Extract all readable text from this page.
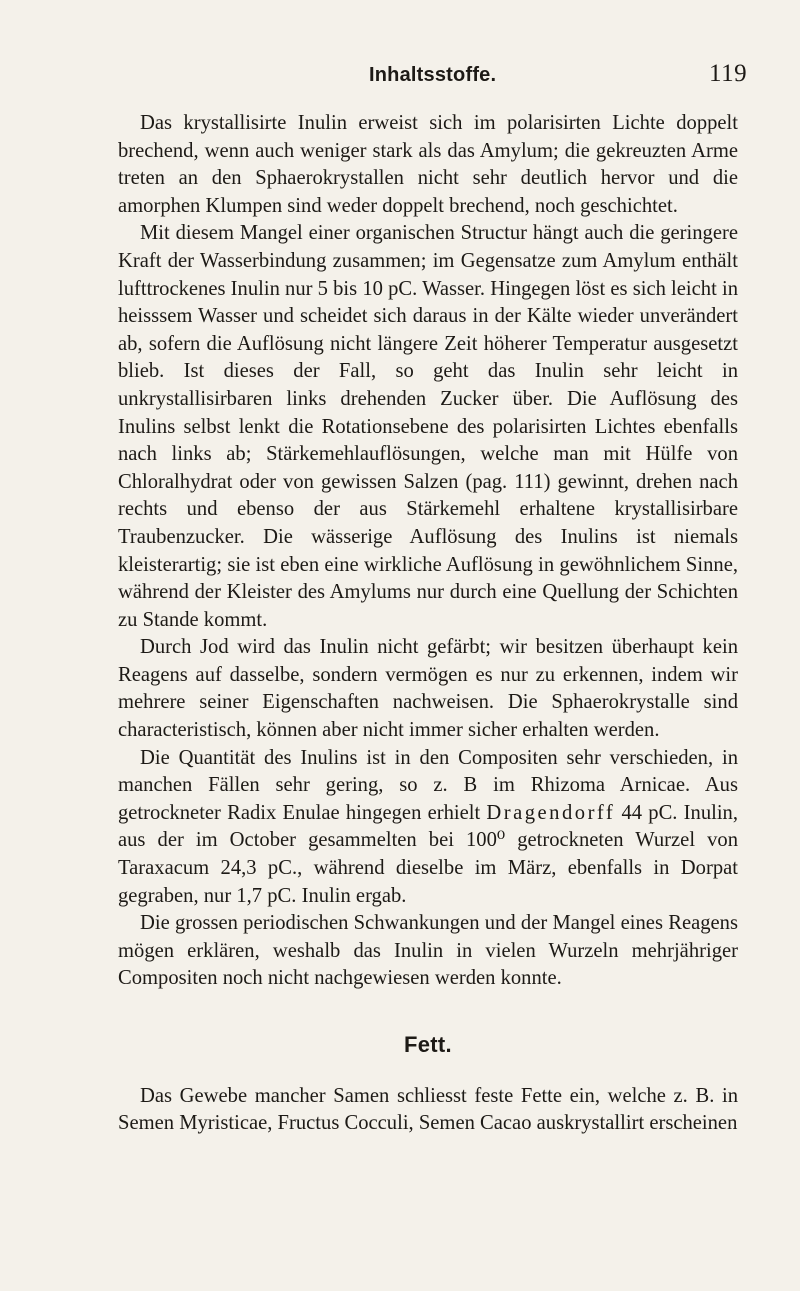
Inhaltsstoffe.	119

Das krystallisirte Inulin erweist sich im polarisirten Lichte doppelt brechend, wenn auch weniger stark als das Amylum; die gekreuzten Arme treten an den Sphaerokrystallen nicht sehr deutlich hervor und die amorphen Klumpen sind weder doppelt brechend, noch geschichtet.

Mit diesem Mangel einer organischen Structur hängt auch die geringere Kraft der Wasserbindung zusammen; im Gegensatze zum Amylum enthält lufttrockenes Inulin nur 5 bis 10 pC. Wasser. Hingegen löst es sich leicht in heisssem Wasser und scheidet sich daraus in der Kälte wieder unverändert ab, sofern die Auflösung nicht längere Zeit höherer Temperatur ausgesetzt blieb. Ist dieses der Fall, so geht das Inulin sehr leicht in unkrystallisirbaren links drehenden Zucker über. Die Auflösung des Inulins selbst lenkt die Rotationsebene des polarisirten Lichtes ebenfalls nach links ab; Stärkemehlauflösungen, welche man mit Hülfe von Chloralhydrat oder von gewissen Salzen (pag. 111) gewinnt, drehen nach rechts und ebenso der aus Stärkemehl erhaltene krystallisirbare Traubenzucker. Die wässerige Auflösung des Inulins ist niemals kleisterartig; sie ist eben eine wirkliche Auflösung in gewöhnlichem Sinne, während der Kleister des Amylums nur durch eine Quellung der Schichten zu Stande kommt.

Durch Jod wird das Inulin nicht gefärbt; wir besitzen überhaupt kein Reagens auf dasselbe, sondern vermögen es nur zu erkennen, indem wir mehrere seiner Eigenschaften nachweisen. Die Sphaerokrystalle sind characteristisch, können aber nicht immer sicher erhalten werden.

Die Quantität des Inulins ist in den Compositen sehr verschieden, in manchen Fällen sehr gering, so z. B im Rhizoma Arnicae. Aus getrockneter Radix Enulae hingegen erhielt Dragendorff 44 pC. Inulin, aus der im October gesammelten bei 100⁰ getrockneten Wurzel von Taraxacum 24,3 pC., während dieselbe im März, ebenfalls in Dorpat gegraben, nur 1,7 pC. Inulin ergab.

Die grossen periodischen Schwankungen und der Mangel eines Reagens mögen erklären, weshalb das Inulin in vielen Wurzeln mehrjähriger Compositen noch nicht nachgewiesen werden konnte.

Fett.

Das Gewebe mancher Samen schliesst feste Fette ein, welche z. B. in Semen Myristicae, Fructus Cocculi, Semen Cacao auskrystallirt erscheinen
